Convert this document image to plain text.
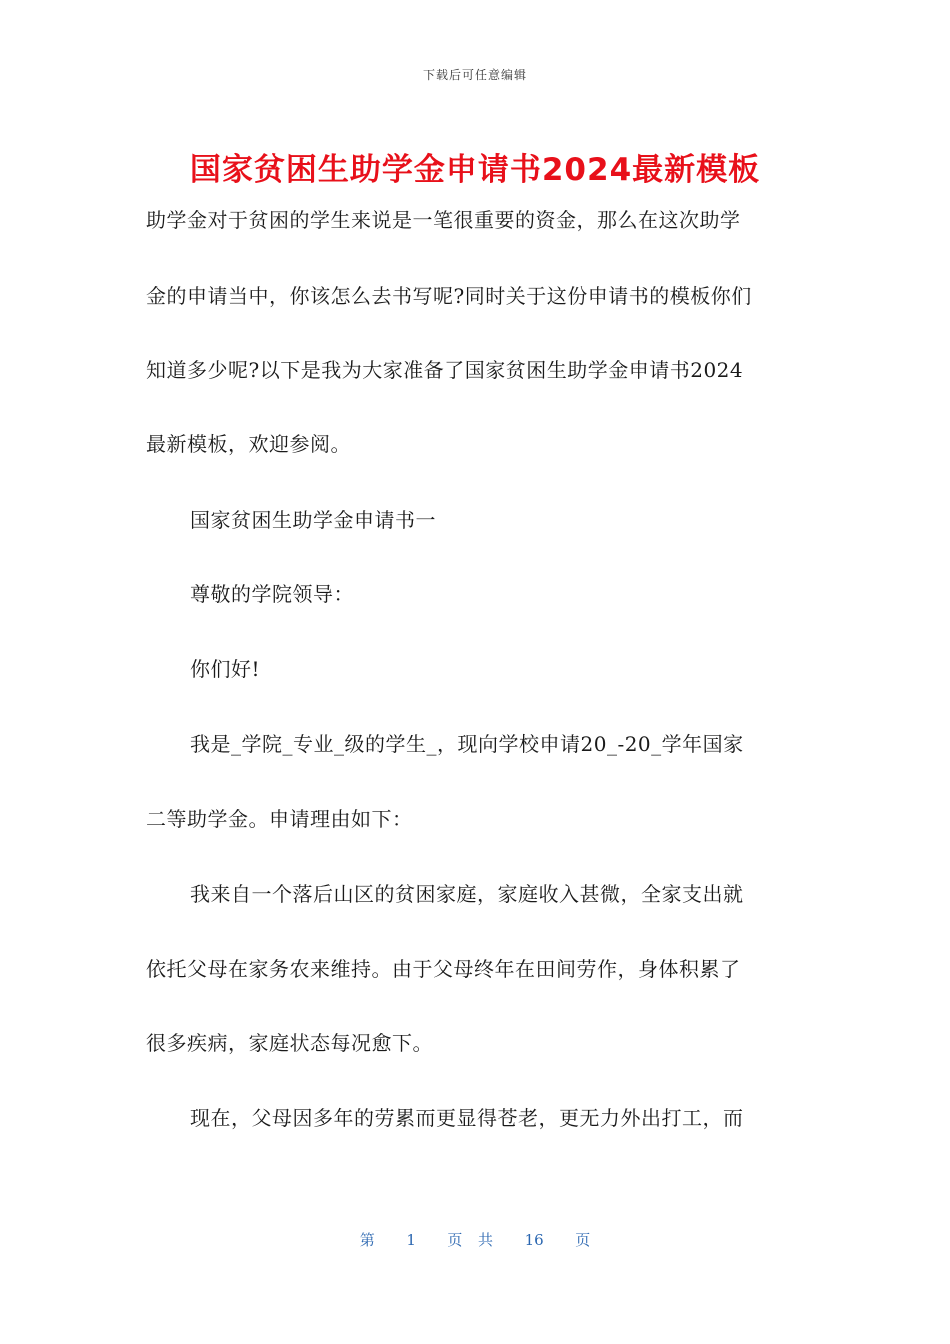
下载后可任意编辑
国家贫困生助学金申请书2024最新模板
助学金对于贫困的学生来说是一笔很重要的资金，那么在这次助学
金的申请当中，你该怎么去书写呢?同时关于这份申请书的模板你们
知道多少呢?以下是我为大家准备了国家贫困生助学金申请书2024
最新模板，欢迎参阅。
国家贫困生助学金申请书一
尊敬的学院领导：
你们好!
我是_学院_专业_级的学生_，现向学校申请20_-20_学年国家
二等助学金。申请理由如下：
我来自一个落后山区的贫困家庭，家庭收入甚微，全家支出就
依托父母在家务农来维持。由于父母终年在田间劳作，身体积累了
很多疾病，家庭状态每况愈下。
现在，父母因多年的劳累而更显得苍老，更无力外出打工，而
第 1 页 共 16 页
